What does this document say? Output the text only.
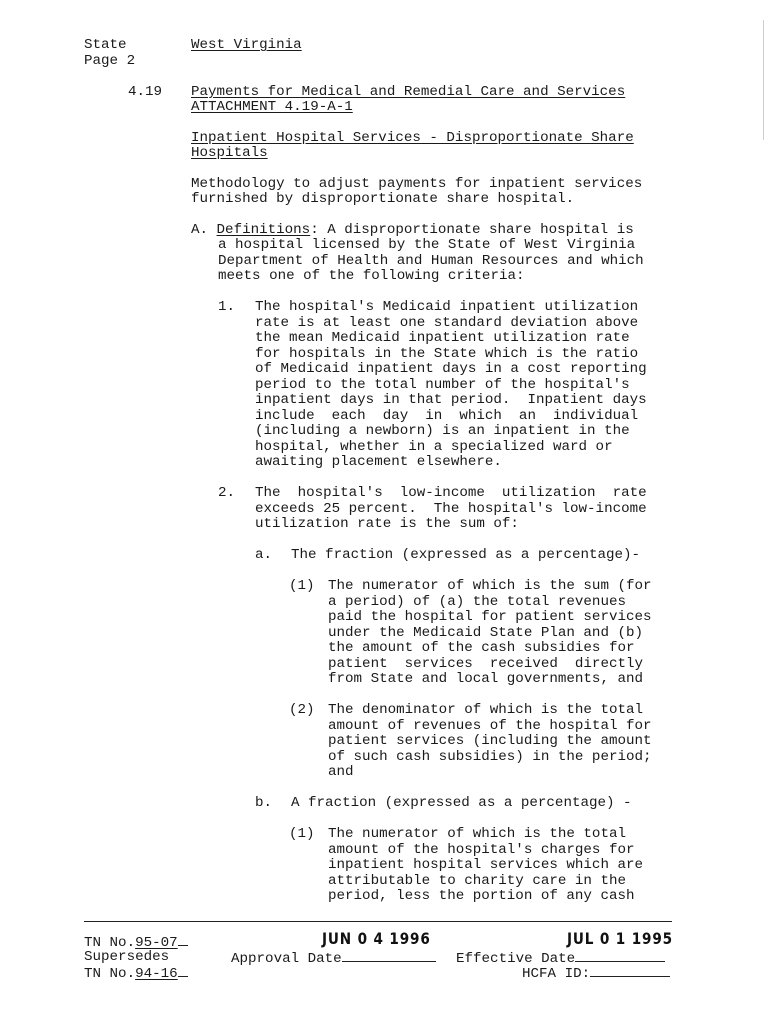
State	West Virginia
Page 2
4.19 Payments for Medical and Remedial Care and Services
ATTACHMENT 4.19-A-1
Inpatient Hospital Services - Disproportionate Share
Hospitals
Methodology to adjust payments for inpatient services
furnished by disproportionate share hospital.
A. Definitions: A disproportionate share hospital is
a hospital licensed by the State of West Virginia
Department of Health and Human Resources and which
meets one of the following criteria:
1. The hospital's Medicaid inpatient utilization
rate is at least one standard deviation above
the mean Medicaid inpatient utilization rate
for hospitals in the State which is the ratio
of Medicaid inpatient days in a cost reporting
period to the total number of the hospital's
inpatient days in that period.  Inpatient days
include  each  day  in  which  an  individual
(including a newborn) is an inpatient in the
hospital, whether in a specialized ward or
awaiting placement elsewhere.
2. The  hospital's  low-income  utilization  rate
exceeds 25 percent.  The hospital's low-income
utilization rate is the sum of:
a. The fraction (expressed as a percentage)-
(1) The numerator of which is the sum (for
a period) of (a) the total revenues
paid the hospital for patient services
under the Medicaid State Plan and (b)
the amount of the cash subsidies for
patient  services  received  directly
from State and local governments, and
(2) The denominator of which is the total
amount of revenues of the hospital for
patient services (including the amount
of such cash subsidies) in the period;
and
b. A fraction (expressed as a percentage) -
(1) The numerator of which is the total
amount of the hospital's charges for
inpatient hospital services which are
attributable to charity care in the
period, less the portion of any cash
TN No.95-07
Supersedes
TN No.94-16
JUN 0 4 1996
Approval Date
JUL 0 1 1995
Effective Date
HCFA ID:
